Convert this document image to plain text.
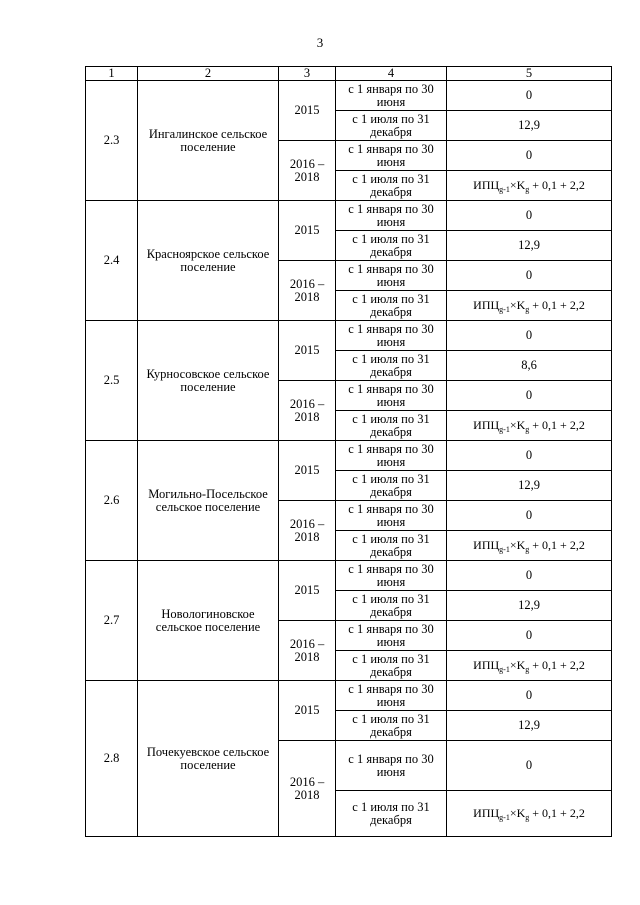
3
1	2	3	4	5
2.3	Ингалинское сельское поселение	2015	с 1 января по 30 июня	0
			с 1 июля по 31 декабря	12,9
		2016 – 2018	с 1 января по 30 июня	0
			с 1 июля по 31 декабря	$ИПЦ_{g-1}\times K_g + 0,1 + 2,2$
2.4	Красноярское сельское поселение	2015	с 1 января по 30 июня	0
			с 1 июля по 31 декабря	12,9
		2016 – 2018	с 1 января по 30 июня	0
			с 1 июля по 31 декабря	$ИПЦ_{g-1}\times K_g + 0,1 + 2,2$
2.5	Курносовское сельское поселение	2015	с 1 января по 30 июня	0
			с 1 июля по 31 декабря	8,6
		2016 – 2018	с 1 января по 30 июня	0
			с 1 июля по 31 декабря	$ИПЦ_{g-1}\times K_g + 0,1 + 2,2$
2.6	Могильно-Посельское сельское поселение	2015	с 1 января по 30 июня	0
			с 1 июля по 31 декабря	12,9
		2016 – 2018	с 1 января по 30 июня	0
			с 1 июля по 31 декабря	$ИПЦ_{g-1}\times K_g + 0,1 + 2,2$
2.7	Новологиновское сельское поселение	2015	с 1 января по 30 июня	0
			с 1 июля по 31 декабря	12,9
		2016 – 2018	с 1 января по 30 июня	0
			с 1 июля по 31 декабря	$ИПЦ_{g-1}\times K_g + 0,1 + 2,2$
2.8	Почекуевское сельское поселение	2015	с 1 января по 30 июня	0
			с 1 июля по 31 декабря	12,9
		2016 – 2018	с 1 января по 30 июня	0
			с 1 июля по 31 декабря	$ИПЦ_{g-1}\times K_g + 0,1 + 2,2$
